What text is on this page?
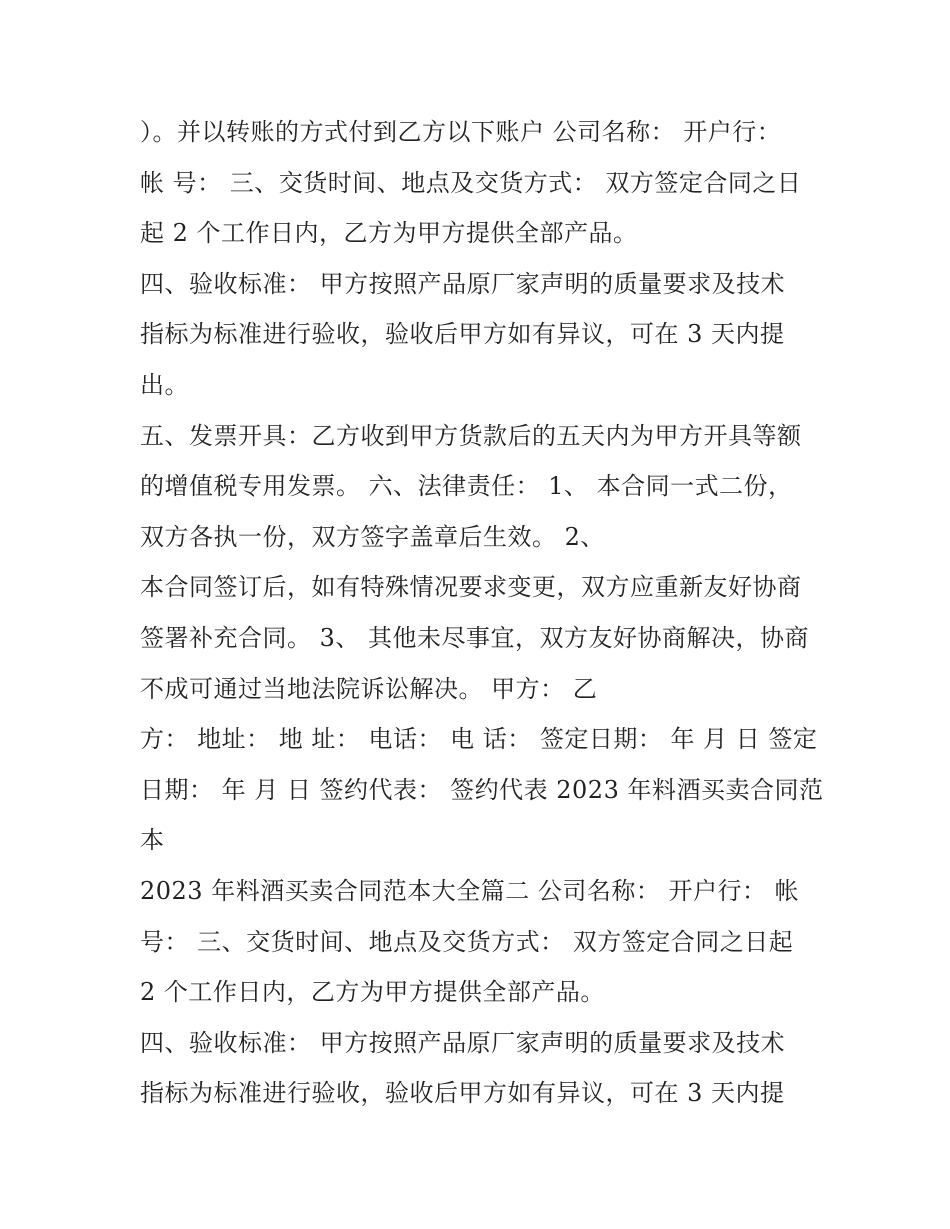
）。并以转账的方式付到乙方以下账户 公司名称： 开户行：
帐 号： 三、交货时间、地点及交货方式： 双方签定合同之日
起 2 个工作日内，乙方为甲方提供全部产品。
四、验收标准： 甲方按照产品原厂家声明的质量要求及技术
指标为标准进行验收，验收后甲方如有异议，可在 3 天内提
出。
五、发票开具：乙方收到甲方货款后的五天内为甲方开具等额
的增值税专用发票。 六、法律责任： 1、 本合同一式二份，
双方各执一份，双方签字盖章后生效。 2、
本合同签订后，如有特殊情况要求变更，双方应重新友好协商
签署补充合同。 3、 其他未尽事宜，双方友好协商解决，协商
不成可通过当地法院诉讼解决。 甲方： 乙
方： 地址： 地 址： 电话： 电 话： 签定日期： 年 月 日 签定
日期： 年 月 日 签约代表： 签约代表 2023 年料酒买卖合同范
本
2023 年料酒买卖合同范本大全篇二 公司名称： 开户行： 帐
号： 三、交货时间、地点及交货方式： 双方签定合同之日起
2 个工作日内，乙方为甲方提供全部产品。
四、验收标准： 甲方按照产品原厂家声明的质量要求及技术
指标为标准进行验收，验收后甲方如有异议，可在 3 天内提
